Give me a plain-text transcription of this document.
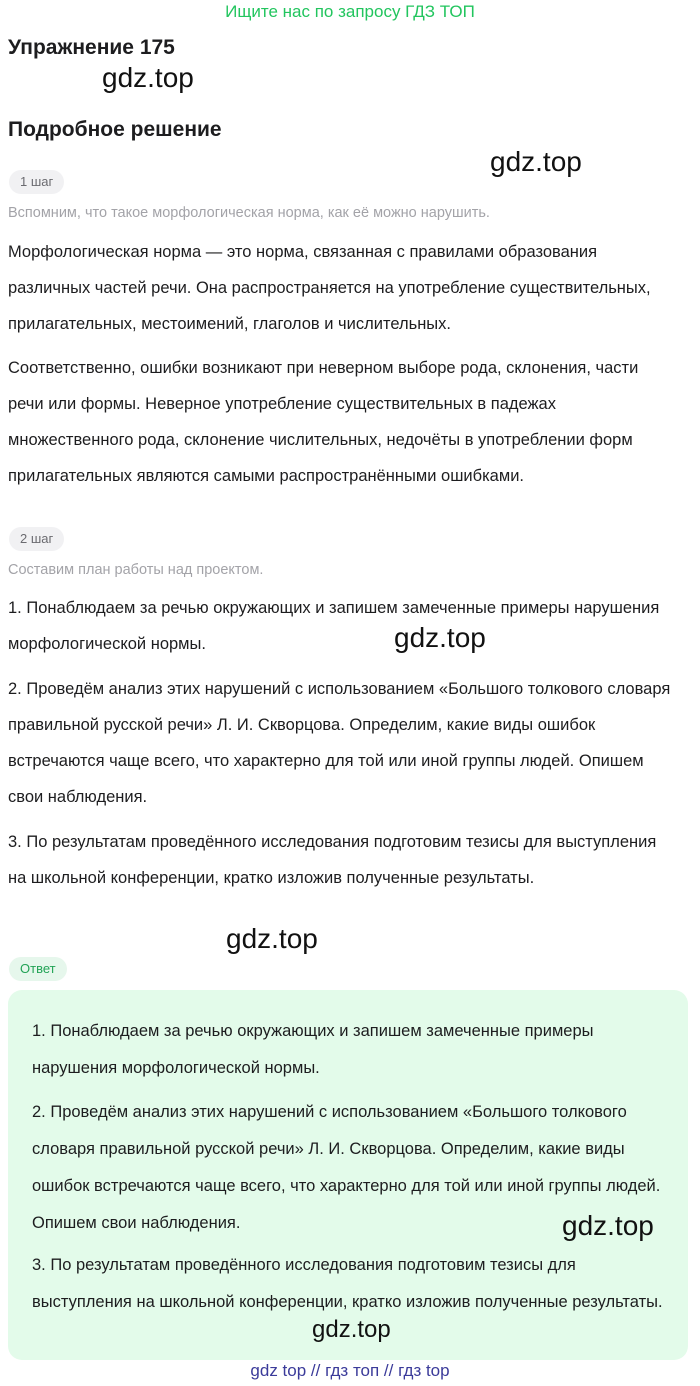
Ищите нас по запросу ГДЗ ТОП
Упражнение 175
gdz.top
Подробное решение
gdz.top
1 шаг
Вспомним, что такое морфологическая норма, как её можно нарушить.

Морфологическая норма — это норма, связанная с правилами образования различных частей речи. Она распространяется на употребление существительных, прилагательных, местоимений, глаголов и числительных.

Соответственно, ошибки возникают при неверном выборе рода, склонения, части речи или формы. Неверное употребление существительных в падежах множественного рода, склонение числительных, недочёты в употреблении форм прилагательных являются самыми распространёнными ошибками.

2 шаг
Составим план работы над проектом.

1. Понаблюдаем за речью окружающих и запишем замеченные примеры нарушения морфологической нормы.	gdz.top

2. Проведём анализ этих нарушений с использованием «Большого толкового словаря правильной русской речи» Л. И. Скворцова. Определим, какие виды ошибок встречаются чаще всего, что характерно для той или иной группы людей. Опишем свои наблюдения.

3. По результатам проведённого исследования подготовим тезисы для выступления на школьной конференции, кратко изложив полученные результаты.

gdz.top
Ответ

1. Понаблюдаем за речью окружающих и запишем замеченные примеры нарушения морфологической нормы.

2. Проведём анализ этих нарушений с использованием «Большого толкового словаря правильной русской речи» Л. И. Скворцова. Определим, какие виды ошибок встречаются чаще всего, что характерно для той или иной группы людей. Опишем свои наблюдения.	gdz.top

3. По результатам проведённого исследования подготовим тезисы для выступления на школьной конференции, кратко изложив полученные результаты.

gdz.top
gdz top // гдз топ // гдз top
